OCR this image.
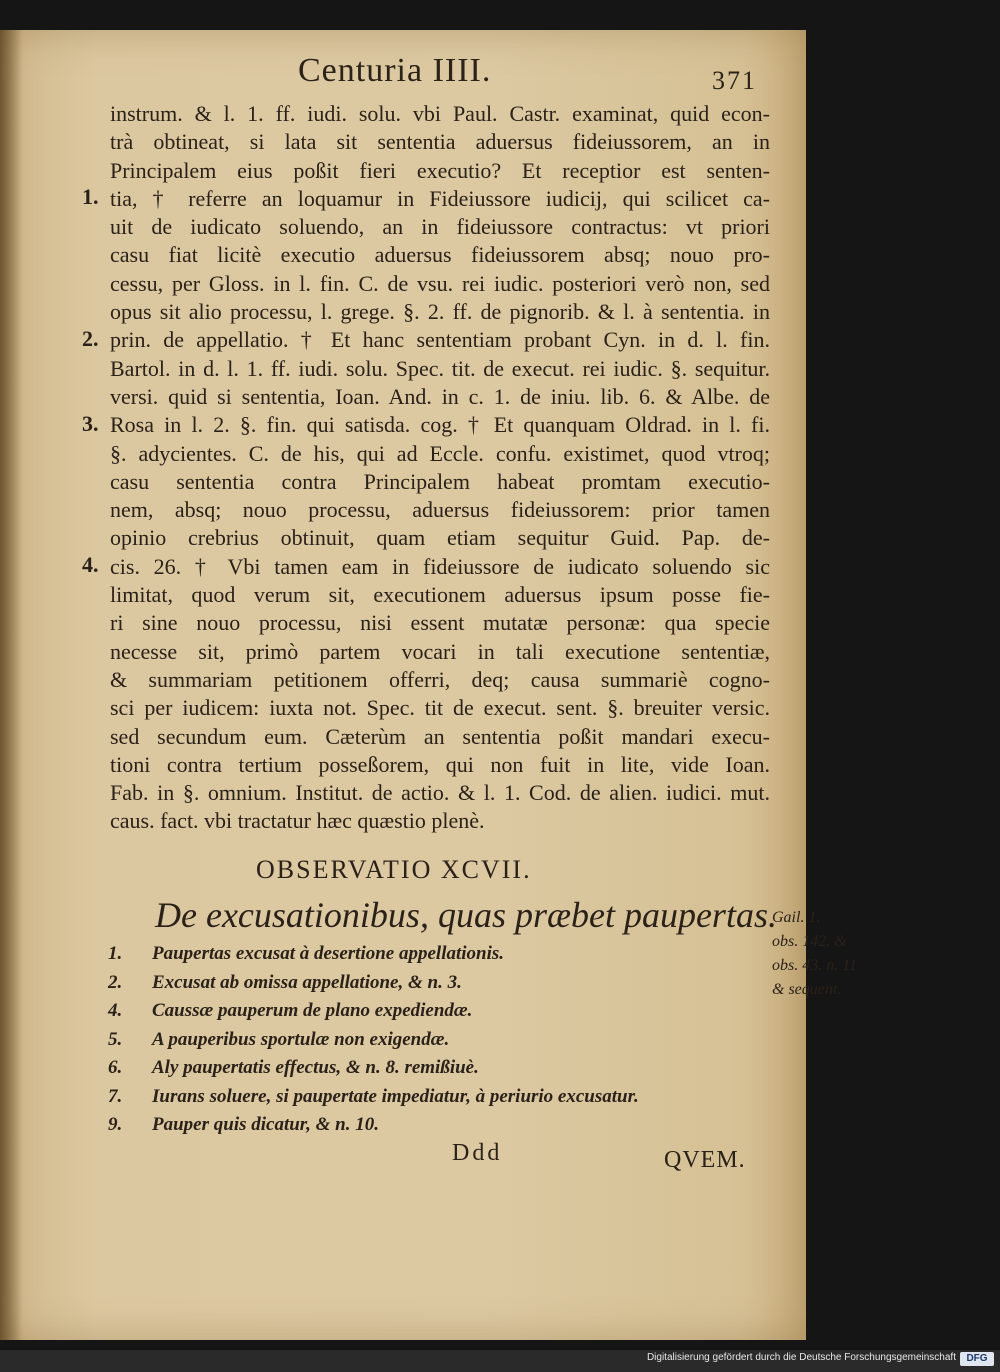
Centuria IIII.	371
instrum. & l. 1. ff. iudi. solu. vbi Paul. Castr. examinat, quid econ-
trà obtineat, si lata sit sententia aduersus fideiussorem, an in
Principalem eius poßit fieri executio? Et receptior est senten-
tia, † referre an loquamur in Fideiussore iudicij, qui scilicet ca-
uit de iudicato soluendo, an in fideiussore contractus: vt priori
casu fiat licitè executio aduersus fideiussorem absq; nouo pro-
cessu, per Gloss. in l. fin. C. de vsu. rei iudic. posteriori verò non, sed
opus sit alio processu, l. grege. §. 2. ff. de pignorib. & l. à sententia. in
prin. de appellatio. † Et hanc sententiam probant Cyn. in d. l. fin.
Bartol. in d. l. 1. ff. iudi. solu. Spec. tit. de execut. rei iudic. §. sequitur.
versi. quid si sententia, Ioan. And. in c. 1. de iniu. lib. 6. & Albe. de
Rosa in l. 2. §. fin. qui satisda. cog. † Et quanquam Oldrad. in l. fi.
§. adycientes. C. de his, qui ad Eccle. confu. existimet, quod vtroq;
casu sententia contra Principalem habeat promtam executio-
nem, absq; nouo processu, aduersus fideiussorem: prior tamen
opinio crebrius obtinuit, quam etiam sequitur Guid. Pap. de-
cis. 26. † Vbi tamen eam in fideiussore de iudicato soluendo sic
limitat, quod verum sit, executionem aduersus ipsum posse fie-
ri sine nouo processu, nisi essent mutatæ personæ: qua specie
necesse sit, primò partem vocari in tali executione sententiæ,
& summariam petitionem offerri, deq; causa summariè cogno-
sci per iudicem: iuxta not. Spec. tit de execut. sent. §. breuiter versic.
sed secundum eum. Cæterùm an sententia poßit mandari execu-
tioni contra tertium posseßorem, qui non fuit in lite, vide Ioan.
Fab. in §. omnium. Institut. de actio. & l. 1. Cod. de alien. iudici. mut.
caus. fact. vbi tractatur hæc quæstio plenè.
1.
2.
3.
4.
OBSERVATIO XCVII.
De excusationibus, quas præbet paupertas.
Gail. 1.
obs. 142. &
obs. 43. n. 11
& sequent.
1. Paupertas excusat à desertione appellationis.
2. Excusat ab omissa appellatione, & n. 3.
4. Caussæ pauperum de plano expediendæ.
5. A pauperibus sportulæ non exigendæ.
6. Aly paupertatis effectus, & n. 8. remißiuè.
7. Iurans soluere, si paupertate impediatur, à periurio excusatur.
9. Pauper quis dicatur, & n. 10.
Ddd	QVEM.
Digitalisierung gefördert durch die Deutsche Forschungsgemeinschaft	DFG
